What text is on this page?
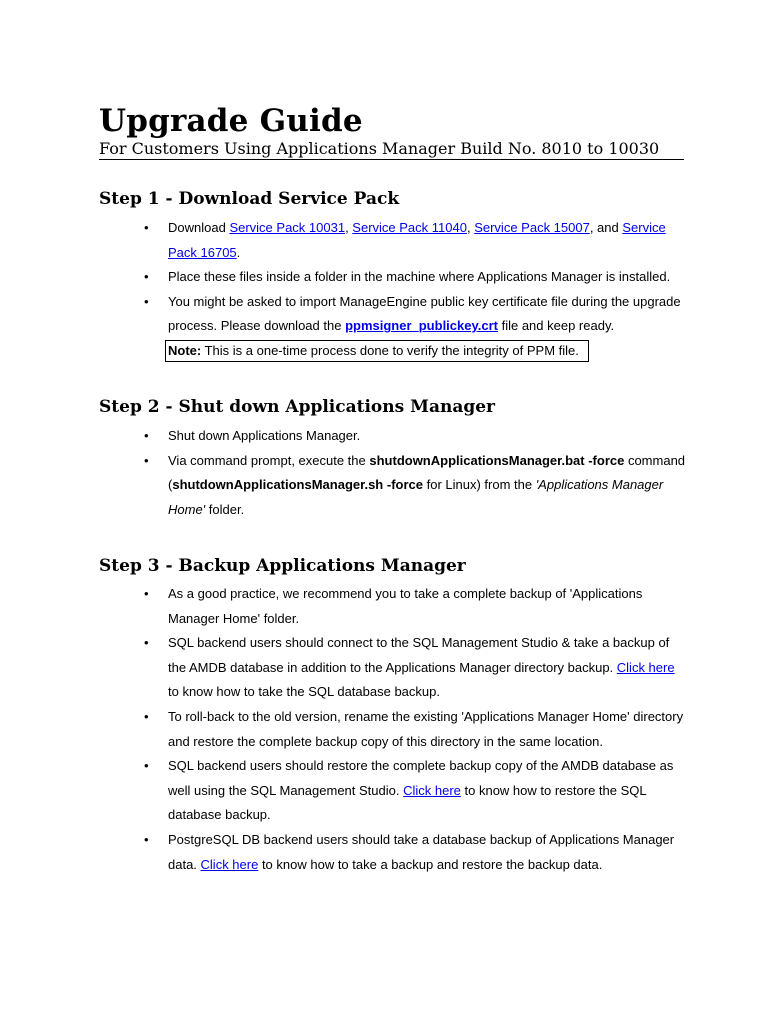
Upgrade Guide
For Customers Using Applications Manager Build No. 8010 to 10030
Step 1 - Download Service Pack
• Download Service Pack 10031, Service Pack 11040, Service Pack 15007, and Service Pack 16705.
• Place these files inside a folder in the machine where Applications Manager is installed.
• You might be asked to import ManageEngine public key certificate file during the upgrade process. Please download the ppmsigner_publickey.crt file and keep ready.
Note: This is a one-time process done to verify the integrity of PPM file.
Step 2 - Shut down Applications Manager
• Shut down Applications Manager.
• Via command prompt, execute the shutdownApplicationsManager.bat -force command (shutdownApplicationsManager.sh -force for Linux) from the 'Applications Manager Home' folder.
Step 3 - Backup Applications Manager
• As a good practice, we recommend you to take a complete backup of 'Applications Manager Home' folder.
• SQL backend users should connect to the SQL Management Studio & take a backup of the AMDB database in addition to the Applications Manager directory backup. Click here to know how to take the SQL database backup.
• To roll-back to the old version, rename the existing 'Applications Manager Home' directory and restore the complete backup copy of this directory in the same location.
• SQL backend users should restore the complete backup copy of the AMDB database as well using the SQL Management Studio. Click here to know how to restore the SQL database backup.
• PostgreSQL DB backend users should take a database backup of Applications Manager data. Click here to know how to take a backup and restore the backup data.
